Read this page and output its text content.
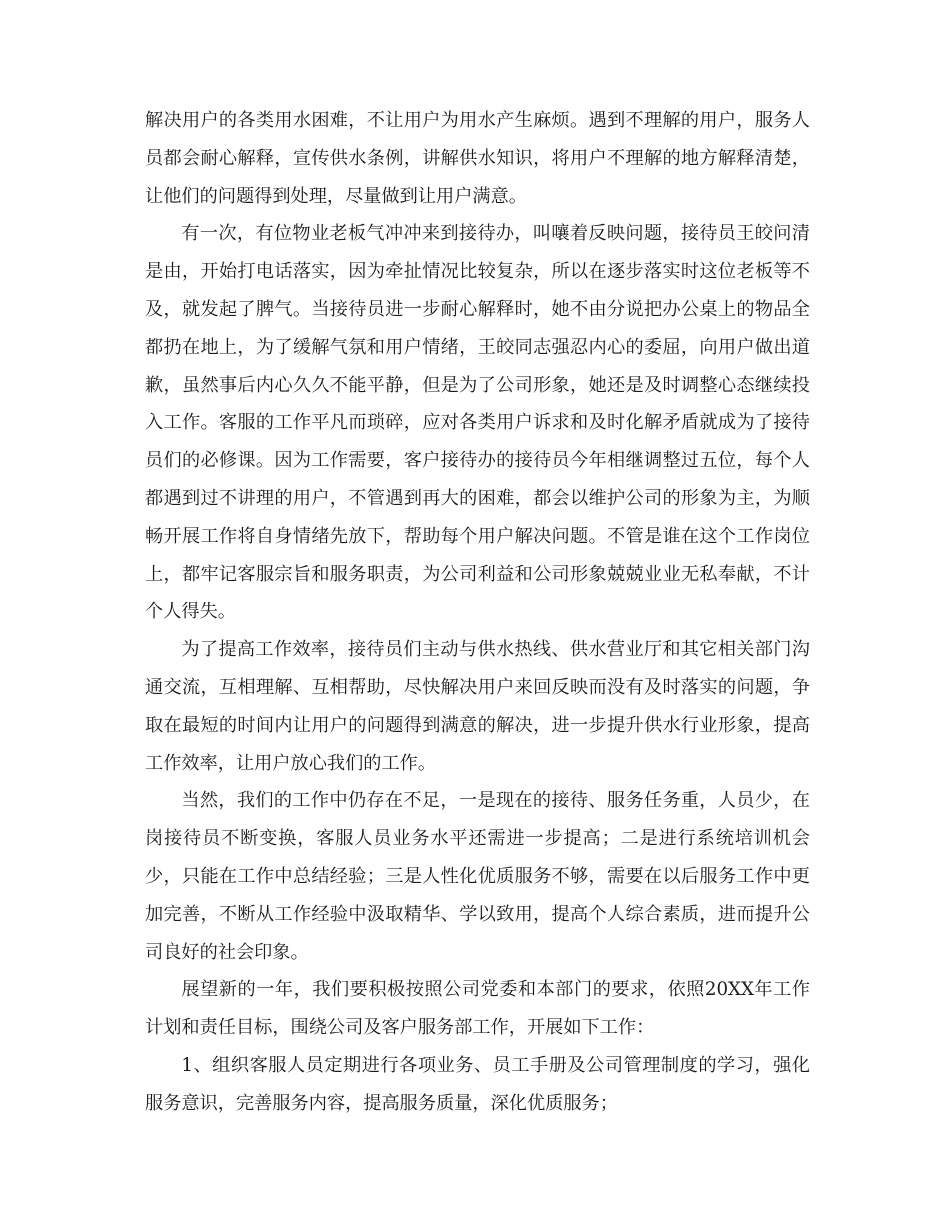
解决用户的各类用水困难，不让用户为用水产生麻烦。遇到不理解的用户，服务人员都会耐心解释，宣传供水条例，讲解供水知识，将用户不理解的地方解释清楚，让他们的问题得到处理，尽量做到让用户满意。

有一次，有位物业老板气冲冲来到接待办，叫嚷着反映问题，接待员王皎问清是由，开始打电话落实，因为牵扯情况比较复杂，所以在逐步落实时这位老板等不及，就发起了脾气。当接待员进一步耐心解释时，她不由分说把办公桌上的物品全都扔在地上，为了缓解气氛和用户情绪，王皎同志强忍内心的委屈，向用户做出道歉，虽然事后内心久久不能平静，但是为了公司形象，她还是及时调整心态继续投入工作。客服的工作平凡而琐碎，应对各类用户诉求和及时化解矛盾就成为了接待员们的必修课。因为工作需要，客户接待办的接待员今年相继调整过五位，每个人都遇到过不讲理的用户，不管遇到再大的困难，都会以维护公司的形象为主，为顺畅开展工作将自身情绪先放下，帮助每个用户解决问题。不管是谁在这个工作岗位上，都牢记客服宗旨和服务职责，为公司利益和公司形象兢兢业业无私奉献，不计个人得失。

为了提高工作效率，接待员们主动与供水热线、供水营业厅和其它相关部门沟通交流，互相理解、互相帮助，尽快解决用户来回反映而没有及时落实的问题，争取在最短的时间内让用户的问题得到满意的解决，进一步提升供水行业形象，提高工作效率，让用户放心我们的工作。

当然，我们的工作中仍存在不足，一是现在的接待、服务任务重，人员少，在岗接待员不断变换，客服人员业务水平还需进一步提高；二是进行系统培训机会少，只能在工作中总结经验；三是人性化优质服务不够，需要在以后服务工作中更加完善，不断从工作经验中汲取精华、学以致用，提高个人综合素质，进而提升公司良好的社会印象。

展望新的一年，我们要积极按照公司党委和本部门的要求，依照20XX年工作计划和责任目标，围绕公司及客户服务部工作，开展如下工作：

1、组织客服人员定期进行各项业务、员工手册及公司管理制度的学习，强化服务意识，完善服务内容，提高服务质量，深化优质服务；
